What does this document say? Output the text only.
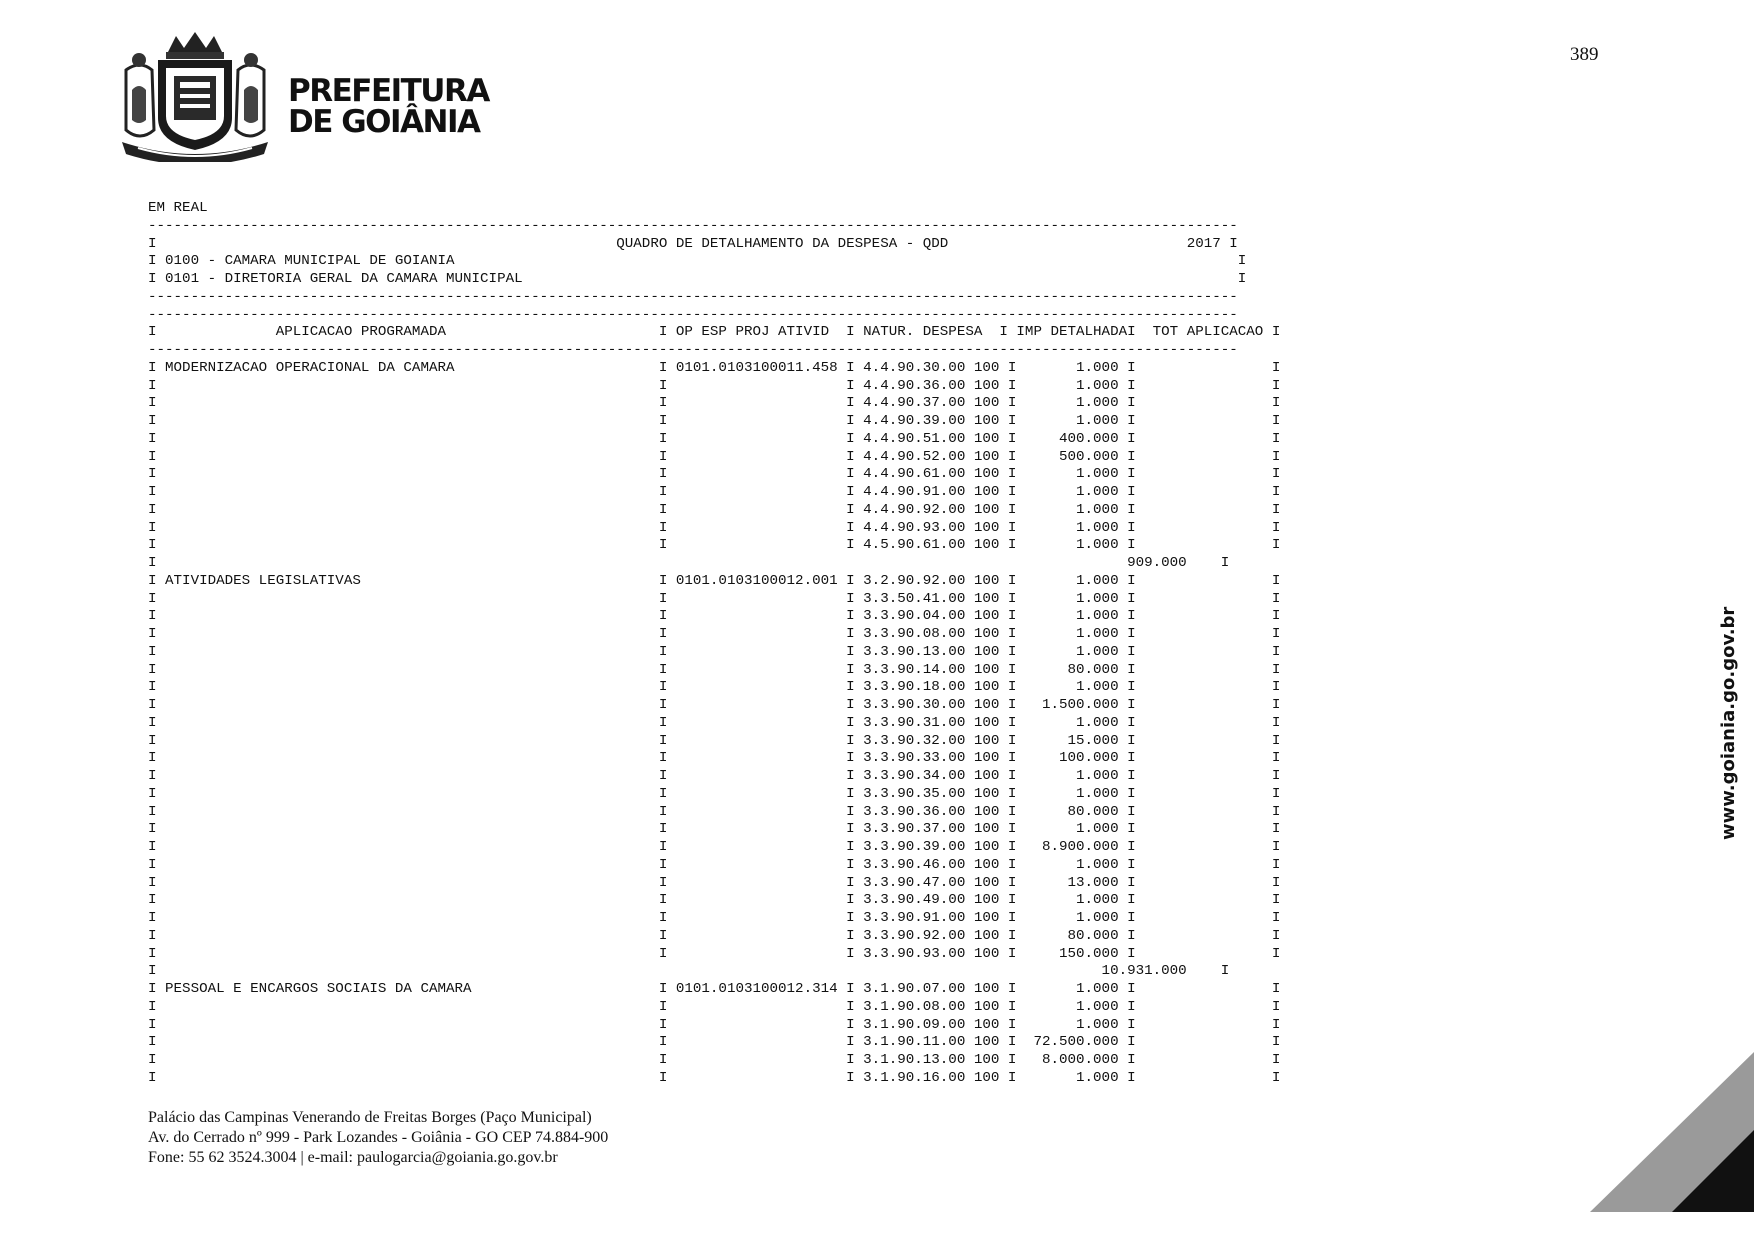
PREFEITURA
DE GOIÂNIA
389
EM REAL
--------------------------------------------------------------------------------------------------------------------------------
I                                                      QUADRO DE DETALHAMENTO DA DESPESA - QDD                            2017 I
I 0100 - CAMARA MUNICIPAL DE GOIANIA                                                                                            I
I 0101 - DIRETORIA GERAL DA CAMARA MUNICIPAL                                                                                    I
--------------------------------------------------------------------------------------------------------------------------------
--------------------------------------------------------------------------------------------------------------------------------
I              APLICACAO PROGRAMADA                         I OP ESP PROJ ATIVID  I NATUR. DESPESA  I IMP DETALHADAI  TOT APLICACAO I
--------------------------------------------------------------------------------------------------------------------------------
I MODERNIZACAO OPERACIONAL DA CAMARA                        I 0101.0103100011.458 I 4.4.90.30.00 100 I       1.000 I                I
I                                                           I                     I 4.4.90.36.00 100 I       1.000 I                I
I                                                           I                     I 4.4.90.37.00 100 I       1.000 I                I
I                                                           I                     I 4.4.90.39.00 100 I       1.000 I                I
I                                                           I                     I 4.4.90.51.00 100 I     400.000 I                I
I                                                           I                     I 4.4.90.52.00 100 I     500.000 I                I
I                                                           I                     I 4.4.90.61.00 100 I       1.000 I                I
I                                                           I                     I 4.4.90.91.00 100 I       1.000 I                I
I                                                           I                     I 4.4.90.92.00 100 I       1.000 I                I
I                                                           I                     I 4.4.90.93.00 100 I       1.000 I                I
I                                                           I                     I 4.5.90.61.00 100 I       1.000 I                I
I                                                                                                                  909.000    I
I ATIVIDADES LEGISLATIVAS                                   I 0101.0103100012.001 I 3.2.90.92.00 100 I       1.000 I                I
I                                                           I                     I 3.3.50.41.00 100 I       1.000 I                I
I                                                           I                     I 3.3.90.04.00 100 I       1.000 I                I
I                                                           I                     I 3.3.90.08.00 100 I       1.000 I                I
I                                                           I                     I 3.3.90.13.00 100 I       1.000 I                I
I                                                           I                     I 3.3.90.14.00 100 I      80.000 I                I
I                                                           I                     I 3.3.90.18.00 100 I       1.000 I                I
I                                                           I                     I 3.3.90.30.00 100 I   1.500.000 I                I
I                                                           I                     I 3.3.90.31.00 100 I       1.000 I                I
I                                                           I                     I 3.3.90.32.00 100 I      15.000 I                I
I                                                           I                     I 3.3.90.33.00 100 I     100.000 I                I
I                                                           I                     I 3.3.90.34.00 100 I       1.000 I                I
I                                                           I                     I 3.3.90.35.00 100 I       1.000 I                I
I                                                           I                     I 3.3.90.36.00 100 I      80.000 I                I
I                                                           I                     I 3.3.90.37.00 100 I       1.000 I                I
I                                                           I                     I 3.3.90.39.00 100 I   8.900.000 I                I
I                                                           I                     I 3.3.90.46.00 100 I       1.000 I                I
I                                                           I                     I 3.3.90.47.00 100 I      13.000 I                I
I                                                           I                     I 3.3.90.49.00 100 I       1.000 I                I
I                                                           I                     I 3.3.90.91.00 100 I       1.000 I                I
I                                                           I                     I 3.3.90.92.00 100 I      80.000 I                I
I                                                           I                     I 3.3.90.93.00 100 I     150.000 I                I
I                                                                                                               10.931.000    I
I PESSOAL E ENCARGOS SOCIAIS DA CAMARA                      I 0101.0103100012.314 I 3.1.90.07.00 100 I       1.000 I                I
I                                                           I                     I 3.1.90.08.00 100 I       1.000 I                I
I                                                           I                     I 3.1.90.09.00 100 I       1.000 I                I
I                                                           I                     I 3.1.90.11.00 100 I  72.500.000 I                I
I                                                           I                     I 3.1.90.13.00 100 I   8.000.000 I                I
I                                                           I                     I 3.1.90.16.00 100 I       1.000 I                I
Palácio das Campinas Venerando de Freitas Borges (Paço Municipal)
Av. do Cerrado nº 999 - Park Lozandes - Goiânia - GO CEP 74.884-900
Fone: 55 62 3524.3004 | e-mail: paulogarcia@goiania.go.gov.br
www.goiania.go.gov.br
